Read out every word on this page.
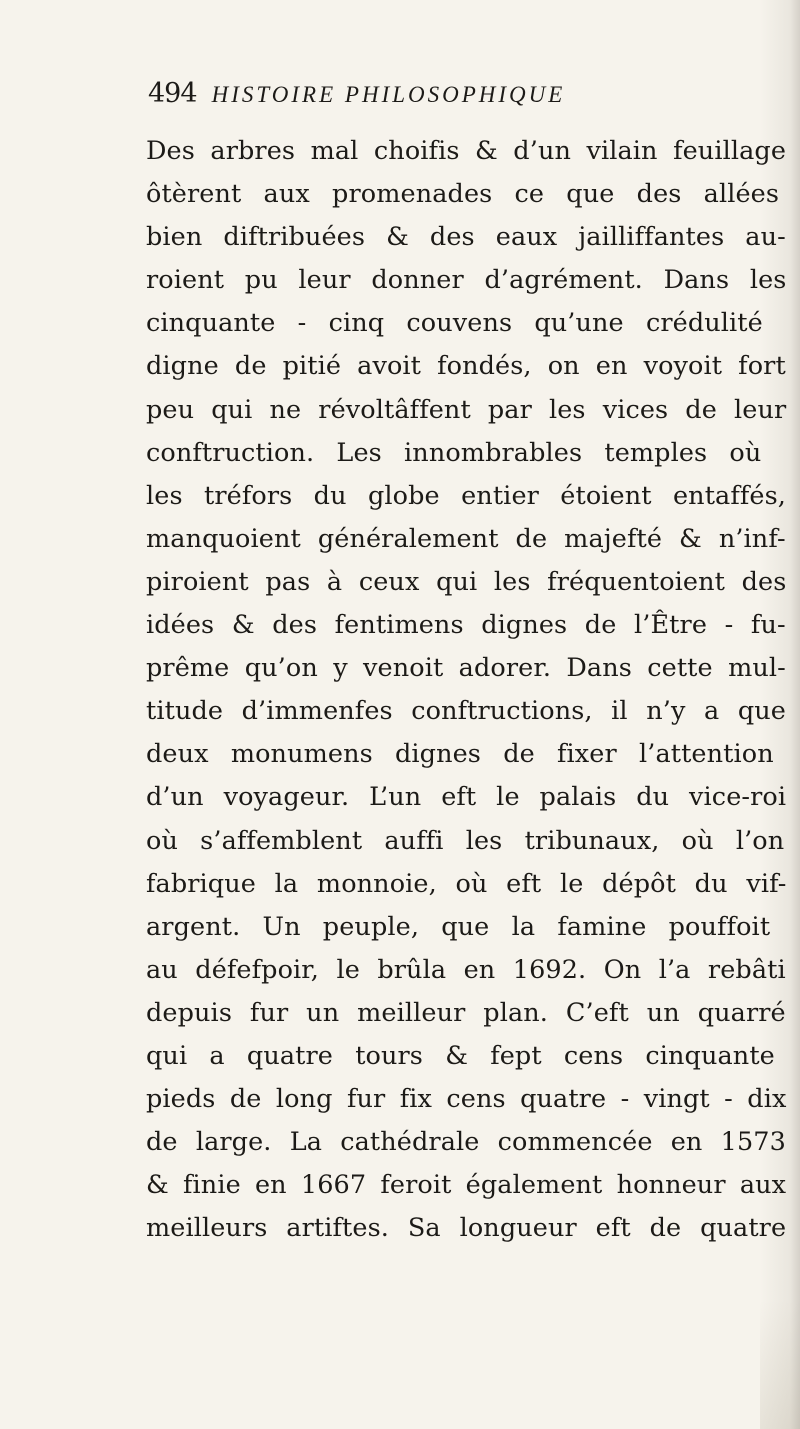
494 HISTOIRE PHILOSOPHIQUE
Des arbres mal choifis & d’un vilain feuillage
ôtèrent aux promenades ce que des allées
bien diftribuées & des eaux jailliffantes au-
roient pu leur donner d’agrément. Dans les
cinquante - cinq couvens qu’une crédulité
digne de pitié avoit fondés, on en voyoit fort
peu qui ne révoltâffent par les vices de leur
conftruction. Les innombrables temples où
les tréfors du globe entier étoient entaffés,
manquoient généralement de majefté & n’inf-
piroient pas à ceux qui les fréquentoient des
idées & des fentimens dignes de l’Être - fu-
prême qu’on y venoit adorer. Dans cette mul-
titude d’immenfes conftructions, il n’y a que
deux monumens dignes de fixer l’attention
d’un voyageur. L’un eft le palais du vice-roi
où s’affemblent auffi les tribunaux, où l’on
fabrique la monnoie, où eft le dépôt du vif-
argent. Un peuple, que la famine pouffoit
au défefpoir, le brûla en 1692. On l’a rebâti
depuis fur un meilleur plan. C’eft un quarré
qui a quatre tours & fept cens cinquante
pieds de long fur fix cens quatre - vingt - dix
de large. La cathédrale commencée en 1573
& finie en 1667 feroit également honneur aux
meilleurs artiftes. Sa longueur eft de quatre
